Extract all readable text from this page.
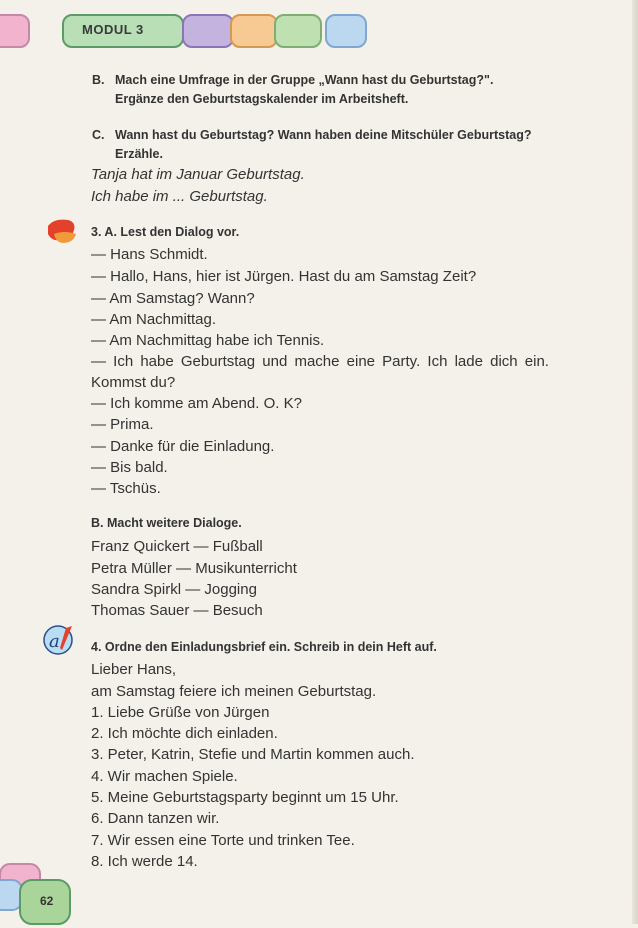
MODUL 3
B. Mach eine Umfrage in der Gruppe „Wann hast du Geburtstag?".
Ergänze den Geburtstagskalender im Arbeitsheft.
C. Wann hast du Geburtstag? Wann haben deine Mitschüler Geburtstag?
Erzähle.
Tanja hat im Januar Geburtstag.
Ich habe im ... Geburtstag.
3. A. Lest den Dialog vor.
— Hans Schmidt.
— Hallo, Hans, hier ist Jürgen. Hast du am Samstag Zeit?
— Am Samstag? Wann?
— Am Nachmittag.
— Am Nachmittag habe ich Tennis.
— Ich habe Geburtstag und mache eine Party. Ich lade dich ein.
Kommst du?
— Ich komme am Abend. O. K?
— Prima.
— Danke für die Einladung.
— Bis bald.
— Tschüs.
B. Macht weitere Dialoge.
Franz Quickert — Fußball
Petra Müller — Musikunterricht
Sandra Spirkl — Jogging
Thomas Sauer — Besuch
a	4. Ordne den Einladungsbrief ein. Schreib in dein Heft auf.
Lieber Hans,
am Samstag feiere ich meinen Geburtstag.
1. Liebe Grüße von Jürgen
2. Ich möchte dich einladen.
3. Peter, Katrin, Stefie und Martin kommen auch.
4. Wir machen Spiele.
5. Meine Geburtstagsparty beginnt um 15 Uhr.
6. Dann tanzen wir.
7. Wir essen eine Torte und trinken Tee.
8. Ich werde 14.
62
